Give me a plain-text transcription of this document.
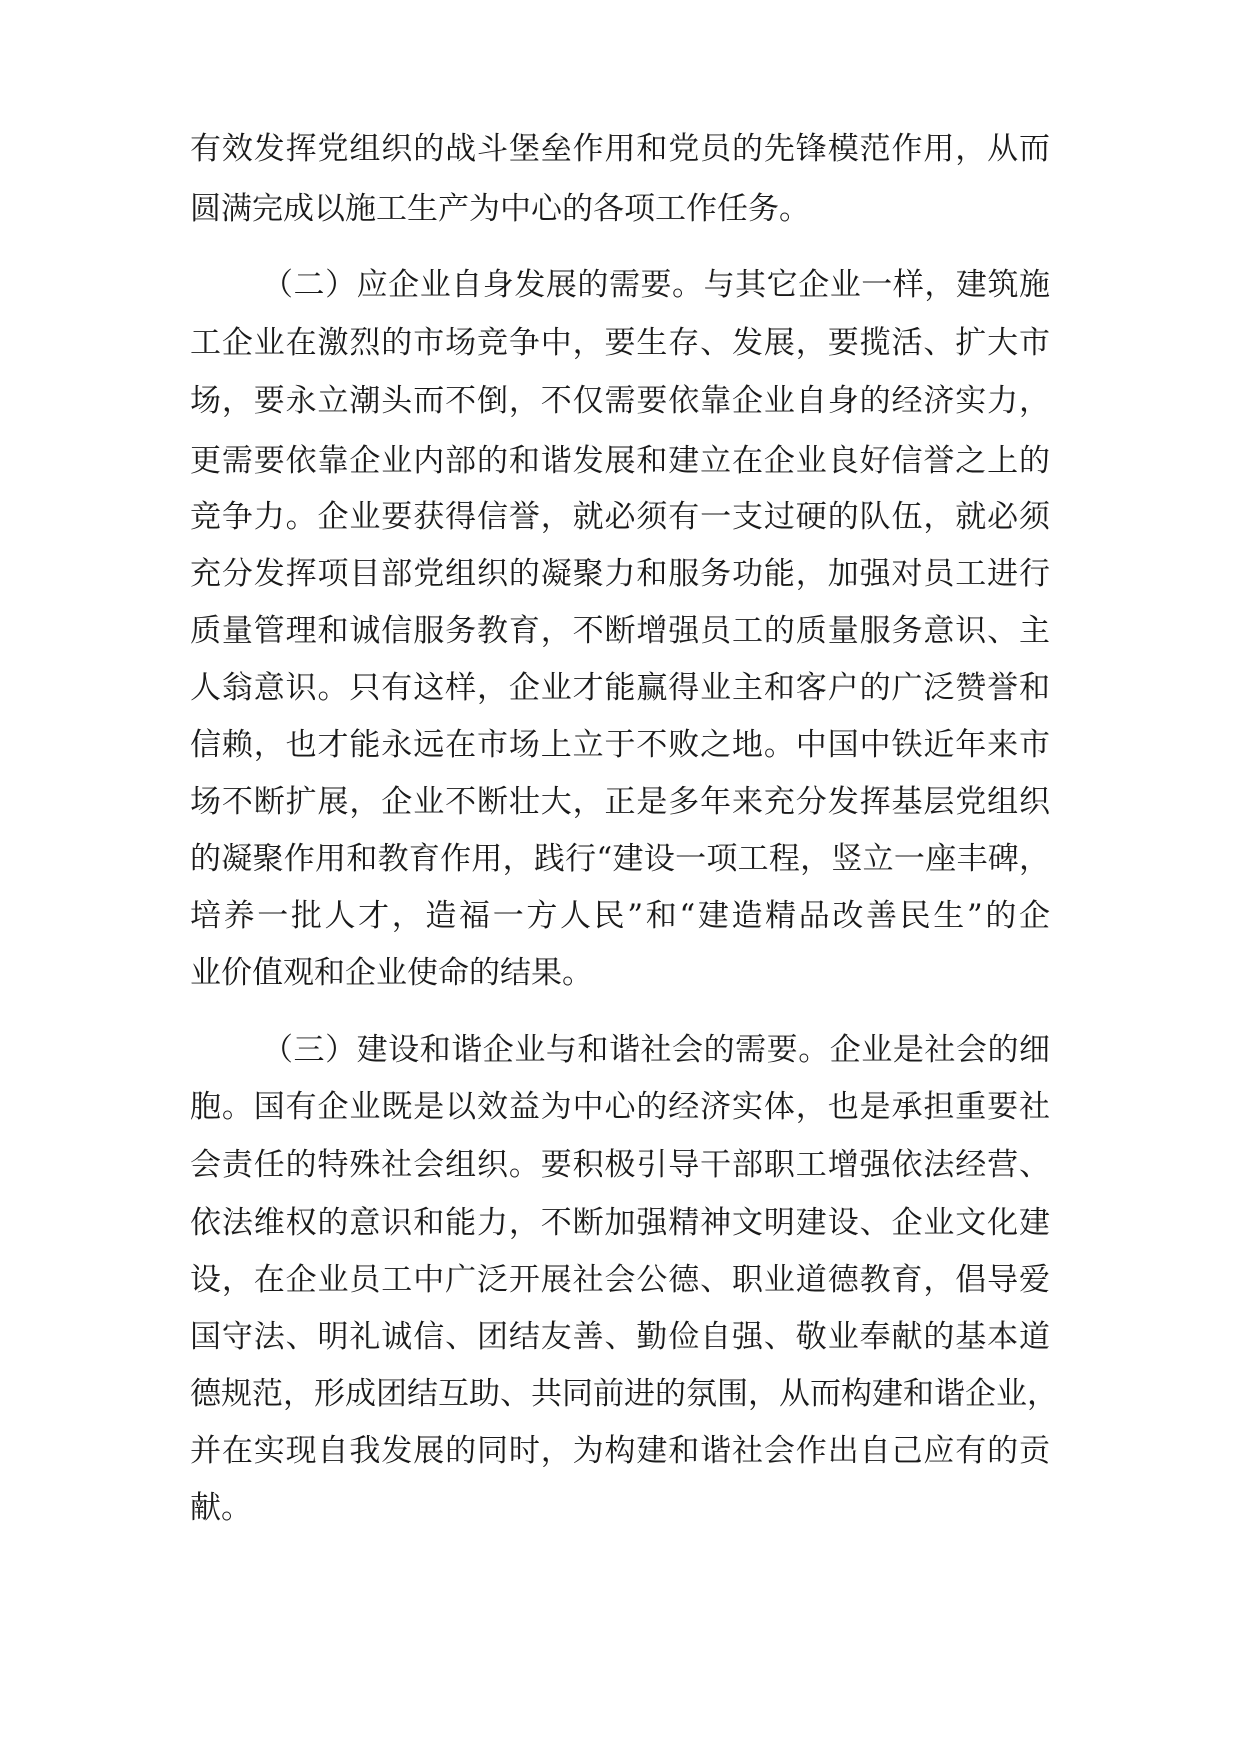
有效发挥党组织的战斗堡垒作用和党员的先锋模范作用，从而
圆满完成以施工生产为中心的各项工作任务。
（二）应企业自身发展的需要。与其它企业一样，建筑施
工企业在激烈的市场竞争中，要生存、发展，要揽活、扩大市
场，要永立潮头而不倒，不仅需要依靠企业自身的经济实力，
更需要依靠企业内部的和谐发展和建立在企业良好信誉之上的
竞争力。企业要获得信誉，就必须有一支过硬的队伍，就必须
充分发挥项目部党组织的凝聚力和服务功能，加强对员工进行
质量管理和诚信服务教育，不断增强员工的质量服务意识、主
人翁意识。只有这样，企业才能赢得业主和客户的广泛赞誉和
信赖，也才能永远在市场上立于不败之地。中国中铁近年来市
场不断扩展，企业不断壮大，正是多年来充分发挥基层党组织
的凝聚作用和教育作用，践行“建设一项工程，竖立一座丰碑，
培养一批人才，造福一方人民”和“建造精品改善民生”的企
业价值观和企业使命的结果。
（三）建设和谐企业与和谐社会的需要。企业是社会的细
胞。国有企业既是以效益为中心的经济实体，也是承担重要社
会责任的特殊社会组织。要积极引导干部职工增强依法经营、
依法维权的意识和能力，不断加强精神文明建设、企业文化建
设，在企业员工中广泛开展社会公德、职业道德教育，倡导爱
国守法、明礼诚信、团结友善、勤俭自强、敬业奉献的基本道
德规范，形成团结互助、共同前进的氛围，从而构建和谐企业，
并在实现自我发展的同时，为构建和谐社会作出自己应有的贡
献。
